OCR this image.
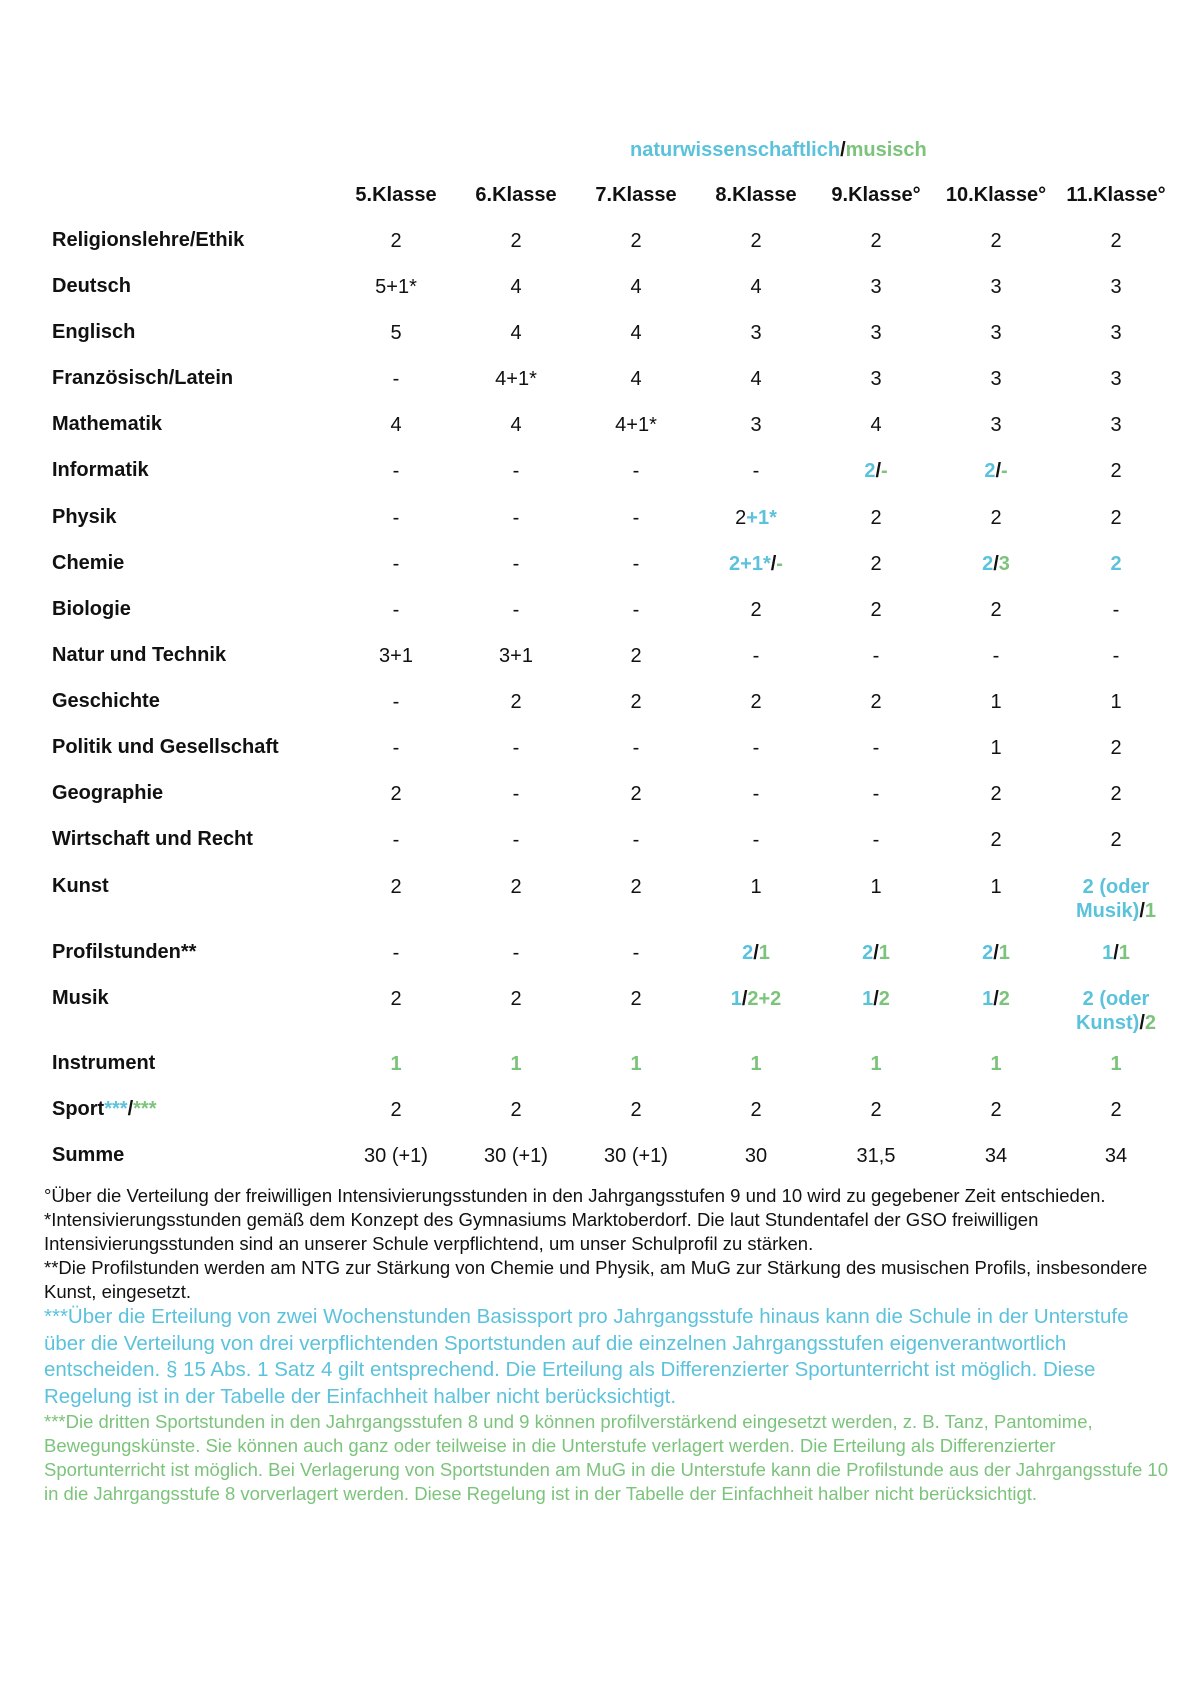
naturwissenschaftlich/musisch
5.Klasse	6.Klasse	7.Klasse	8.Klasse	9.Klasse°	10.Klasse°	11.Klasse°
Religionslehre/Ethik	2	2	2	2	2	2	2
Deutsch	5+1*	4	4	4	3	3	3
Englisch	5	4	4	3	3	3	3
Französisch/Latein	-	4+1*	4	4	3	3	3
Mathematik	4	4	4+1*	3	4	3	3
Informatik	-	-	-	-	2/-	2/-	2
Physik	-	-	-	2+1*	2	2	2
Chemie	-	-	-	2+1*/-	2	2/3	2
Biologie	-	-	-	2	2	2	-
Natur und Technik	3+1	3+1	2	-	-	-	-
Geschichte	-	2	2	2	2	1	1
Politik und Gesellschaft	-	-	-	-	-	1	2
Geographie	2	-	2	-	-	2	2
Wirtschaft und Recht	-	-	-	-	-	2	2
Kunst	2	2	2	1	1	1	2 (oder Musik)/1
Profilstunden**	-	-	-	2/1	2/1	2/1	1/1
Musik	2	2	2	1/2+2	1/2	1/2	2 (oder Kunst)/2
Instrument	1	1	1	1	1	1	1
Sport***/***	2	2	2	2	2	2	2
Summe	30 (+1)	30 (+1)	30 (+1)	30	31,5	34	34

°Über die Verteilung der freiwilligen Intensivierungsstunden in den Jahrgangsstufen 9 und 10 wird zu gegebener Zeit entschieden.

*Intensivierungsstunden gemäß dem Konzept des Gymnasiums Marktoberdorf. Die laut Stundentafel der GSO freiwilligen Intensivierungsstunden sind an unserer Schule verpflichtend, um unser Schulprofil zu stärken.

**Die Profilstunden werden am NTG zur Stärkung von Chemie und Physik, am MuG zur Stärkung des musischen Profils, insbesondere Kunst, eingesetzt.

***Über die Erteilung von zwei Wochenstunden Basissport pro Jahrgangsstufe hinaus kann die Schule in der Unterstufe über die Verteilung von drei verpflichtenden Sportstunden auf die einzelnen Jahrgangsstufen eigenverantwortlich entscheiden. § 15 Abs. 1 Satz 4 gilt entsprechend. Die Erteilung als Differenzierter Sportunterricht ist möglich. Diese Regelung ist in der Tabelle der Einfachheit halber nicht berücksichtigt.

***Die dritten Sportstunden in den Jahrgangsstufen 8 und 9 können profilverstärkend eingesetzt werden, z. B. Tanz, Pantomime, Bewegungskünste. Sie können auch ganz oder teilweise in die Unterstufe verlagert werden. Die Erteilung als Differenzierter Sportunterricht ist möglich. Bei Verlagerung von Sportstunden am MuG in die Unterstufe kann die Profilstunde aus der Jahrgangsstufe 10 in die Jahrgangsstufe 8 vorverlagert werden. Diese Regelung ist in der Tabelle der Einfachheit halber nicht berücksichtigt.
